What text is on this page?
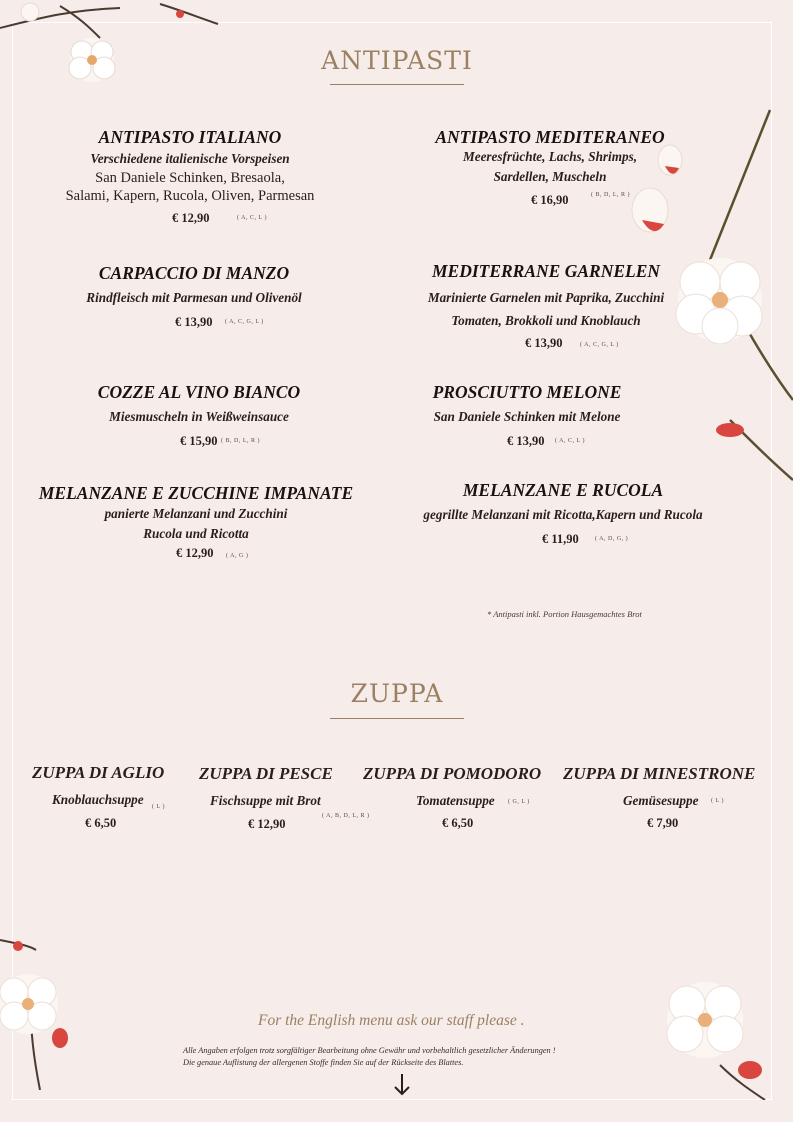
ANTIPASTI
ANTIPASTO ITALIANO
Verschiedene italienische Vorspeisen
San Daniele Schinken, Bresaola,
Salami, Kapern, Rucola, Oliven, Parmesan
€ 12,90	( A, C, L )
ANTIPASTO MEDITERANEO
Meeresfrüchte, Lachs, Shrimps,
Sardellen, Muscheln
€ 16,90	( B, D, L, R )
CARPACCIO DI MANZO
Rindfleisch mit Parmesan und Olivenöl
€ 13,90 ( A, C, G, L )
MEDITERRANE GARNELEN
Marinierte Garnelen mit Paprika, Zucchini
Tomaten, Brokkoli und Knoblauch
€ 13,90	( A, C, G, L )
COZZE AL VINO BIANCO
Miesmuscheln in Weißweinsauce
€ 15,90 ( B, D, L, R )
PROSCIUTTO MELONE
San Daniele Schinken mit Melone
€ 13,90 ( A, C, L )
MELANZANE E ZUCCHINE IMPANATE
panierte Melanzani und Zucchini
Rucola und Ricotta
€ 12,90 ( A, G )
MELANZANE E RUCOLA
gegrillte Melanzani mit Ricotta,Kapern und Rucola
€ 11,90	( A, D, G, )
* Antipasti inkl. Portion Hausgemachtes Brot
ZUPPA
ZUPPA DI AGLIO
Knoblauchsuppe ( L )
€ 6,50
ZUPPA DI PESCE
Fischsuppe mit Brot
( A, B, D, L, R )
€ 12,90
ZUPPA DI POMODORO
Tomatensuppe ( G, L )
€ 6,50
ZUPPA DI MINESTRONE
Gemüsesuppe ( L )
€ 7,90
For the English menu ask our staff please .
Alle Angaben erfolgen trotz sorgfältiger Bearbeitung ohne Gewähr und vorbehaltlich gesetzlicher Änderungen !
Die genaue Auflistung der allergenen Stoffe finden Sie auf der Rückseite des Blattes.
